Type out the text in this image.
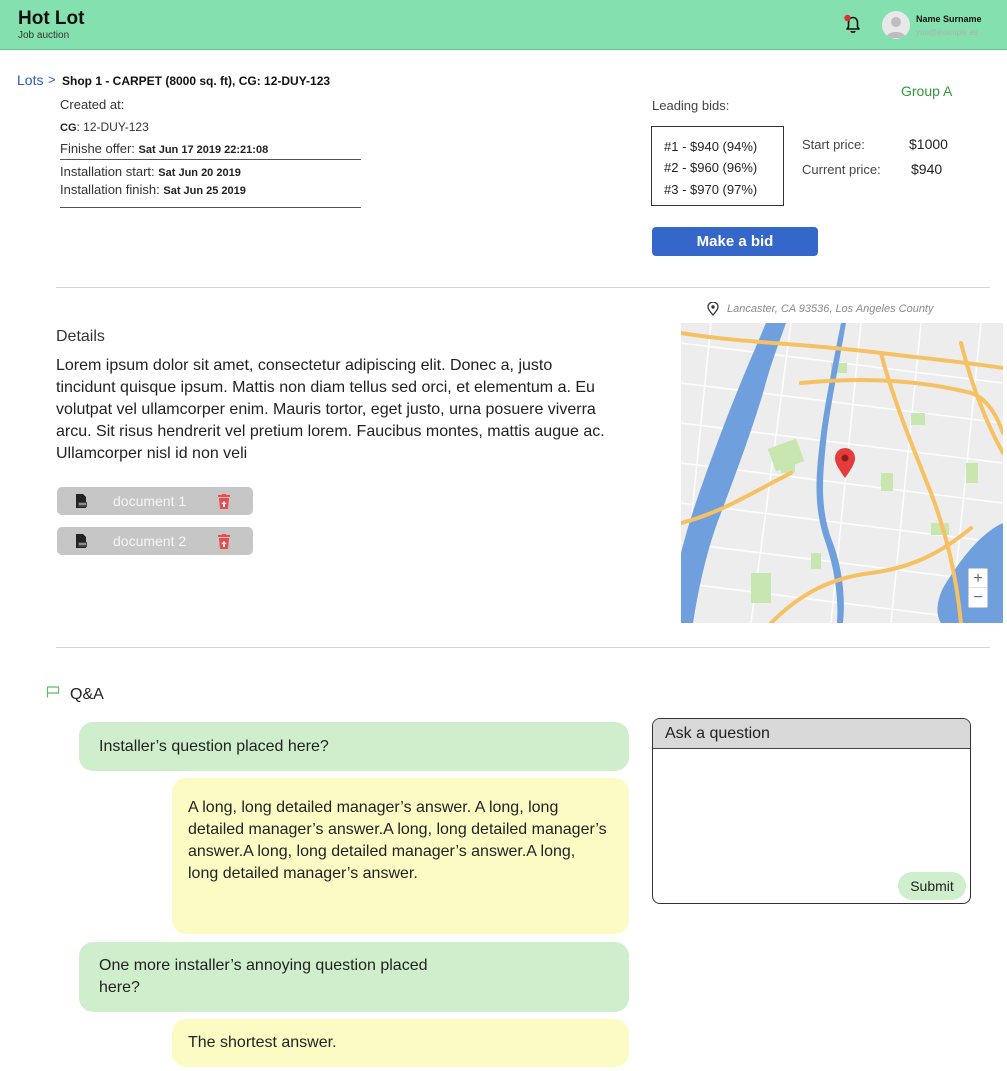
Hot Lot
Job auction
Name Surname
you@example.es
Lots > Shop 1 - CARPET (8000 sq. ft), CG: 12-DUY-123
Group A
Created at:
CG: 12-DUY-123
Finishe offer: Sat Jun 17 2019 22:21:08
Installation start: Sat Jun 20 2019
Installation finish: Sat Jun 25 2019
Leading bids:
#1 - $940 (94%)
#2 - $960 (96%)
#3 - $970 (97%)
Start price:	$1000
Current price: $940
Make a bid
Details
Lorem ipsum dolor sit amet, consectetur adipiscing elit. Donec a, justo tincidunt quisque ipsum. Mattis non diam tellus sed orci, et elementum a. Eu volutpat vel ullamcorper enim. Mauris tortor, eget justo, urna posuere viverra arcu. Sit risus hendrerit vel pretium lorem. Faucibus montes, mattis augue ac. Ullamcorper nisl id non veli
document 1
document 2
Lancaster, CA 93536, Los Angeles County
+
−
Q&A
Installer’s question placed here?
A long, long detailed manager’s answer. A long, long detailed manager’s answer.A long, long detailed manager’s answer.A long, long detailed manager’s answer.A long, long detailed manager’s answer.
One more installer’s annoying question placed here?
The shortest answer.
Ask a question
Submit
